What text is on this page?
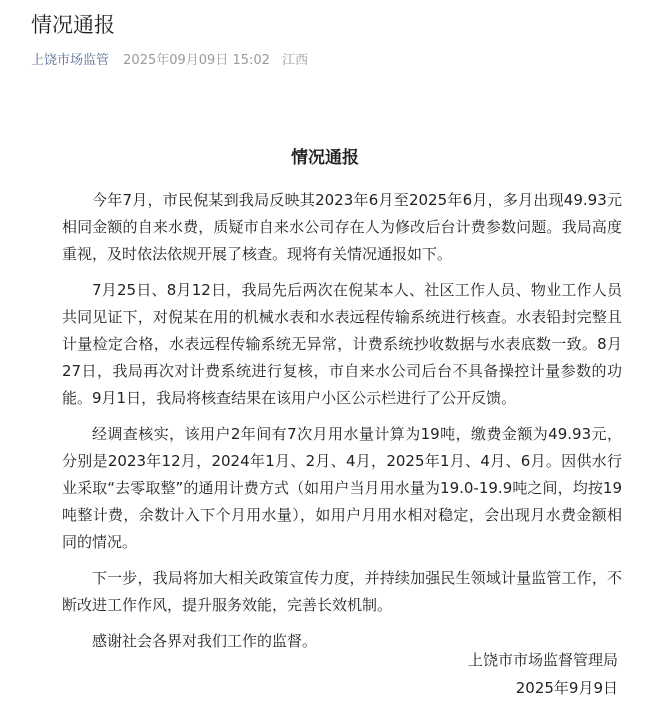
情况通报
上饶市场监管 2025年09月09日 15:02 江西
情况通报

今年7月，市民倪某到我局反映其2023年6月至2025年6月，多月出现49.93元相同金额的自来水费，质疑市自来水公司存在人为修改后台计费参数问题。我局高度重视，及时依法依规开展了核查。现将有关情况通报如下。

7月25日、8月12日，我局先后两次在倪某本人、社区工作人员、物业工作人员共同见证下，对倪某在用的机械水表和水表远程传输系统进行核查。水表铅封完整且计量检定合格，水表远程传输系统无异常，计费系统抄收数据与水表底数一致。8月27日，我局再次对计费系统进行复核，市自来水公司后台不具备操控计量参数的功能。9月1日，我局将核查结果在该用户小区公示栏进行了公开反馈。

经调查核实，该用户2年间有7次月用水量计算为19吨，缴费金额为49.93元，分别是2023年12月，2024年1月、2月、4月，2025年1月、4月、6月。因供水行业采取“去零取整”的通用计费方式（如用户当月用水量为19.0-19.9吨之间，均按19吨整计费，余数计入下个月用水量），如用户月用水相对稳定，会出现月水费金额相同的情况。

下一步，我局将加大相关政策宣传力度，并持续加强民生领域计量监管工作，不断改进工作作风，提升服务效能，完善长效机制。

感谢社会各界对我们工作的监督。

上饶市市场监督管理局
2025年9月9日
